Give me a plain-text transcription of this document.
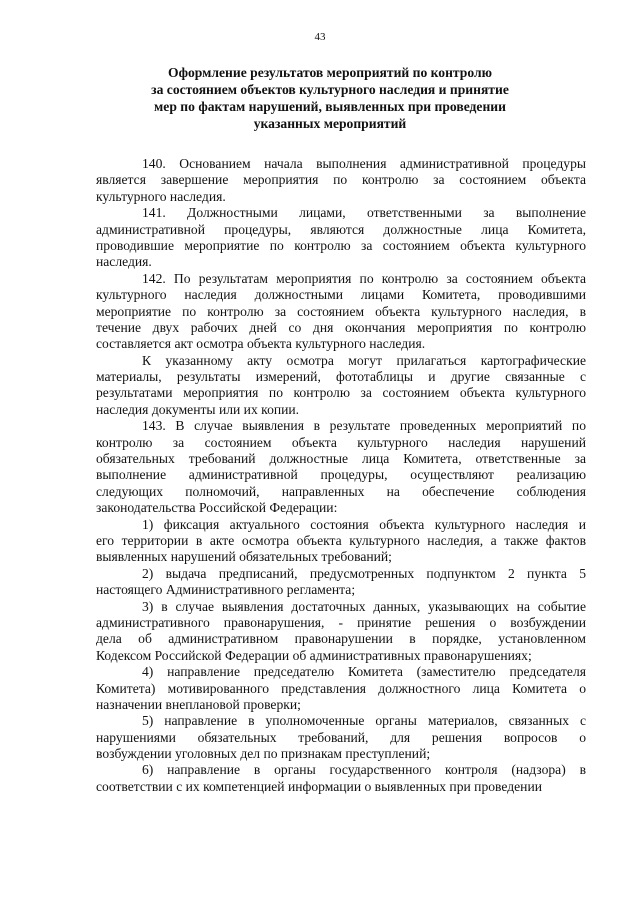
43
Оформление результатов мероприятий по контролю
за состоянием объектов культурного наследия и принятие
мер по фактам нарушений, выявленных при проведении
указанных мероприятий
140. Основанием начала выполнения административной процедуры
является завершение мероприятия по контролю за состоянием объекта
культурного наследия.
141. Должностными лицами, ответственными за выполнение
административной процедуры, являются должностные лица Комитета,
проводившие мероприятие по контролю за состоянием объекта культурного
наследия.
142. По результатам мероприятия по контролю за состоянием объекта
культурного наследия должностными лицами Комитета, проводившими
мероприятие по контролю за состоянием объекта культурного наследия, в
течение двух рабочих дней со дня окончания мероприятия по контролю
составляется акт осмотра объекта культурного наследия.
К указанному акту осмотра могут прилагаться картографические
материалы, результаты измерений, фототаблицы и другие связанные с
результатами мероприятия по контролю за состоянием объекта культурного
наследия документы или их копии.
143. В случае выявления в результате проведенных мероприятий по
контролю за состоянием объекта культурного наследия нарушений
обязательных требований должностные лица Комитета, ответственные за
выполнение административной процедуры, осуществляют реализацию
следующих полномочий, направленных на обеспечение соблюдения
законодательства Российской Федерации:
1) фиксация актуального состояния объекта культурного наследия и
его территории в акте осмотра объекта культурного наследия, а также фактов
выявленных нарушений обязательных требований;
2) выдача предписаний, предусмотренных подпунктом 2 пункта 5
настоящего Административного регламента;
3) в случае выявления достаточных данных, указывающих на событие
административного правонарушения, - принятие решения о возбуждении
дела об административном правонарушении в порядке, установленном
Кодексом Российской Федерации об административных правонарушениях;
4) направление председателю Комитета (заместителю председателя
Комитета) мотивированного представления должностного лица Комитета о
назначении внеплановой проверки;
5) направление в уполномоченные органы материалов, связанных с
нарушениями обязательных требований, для решения вопросов о
возбуждении уголовных дел по признакам преступлений;
6) направление в органы государственного контроля (надзора) в
соответствии с их компетенцией информации о выявленных при проведении
